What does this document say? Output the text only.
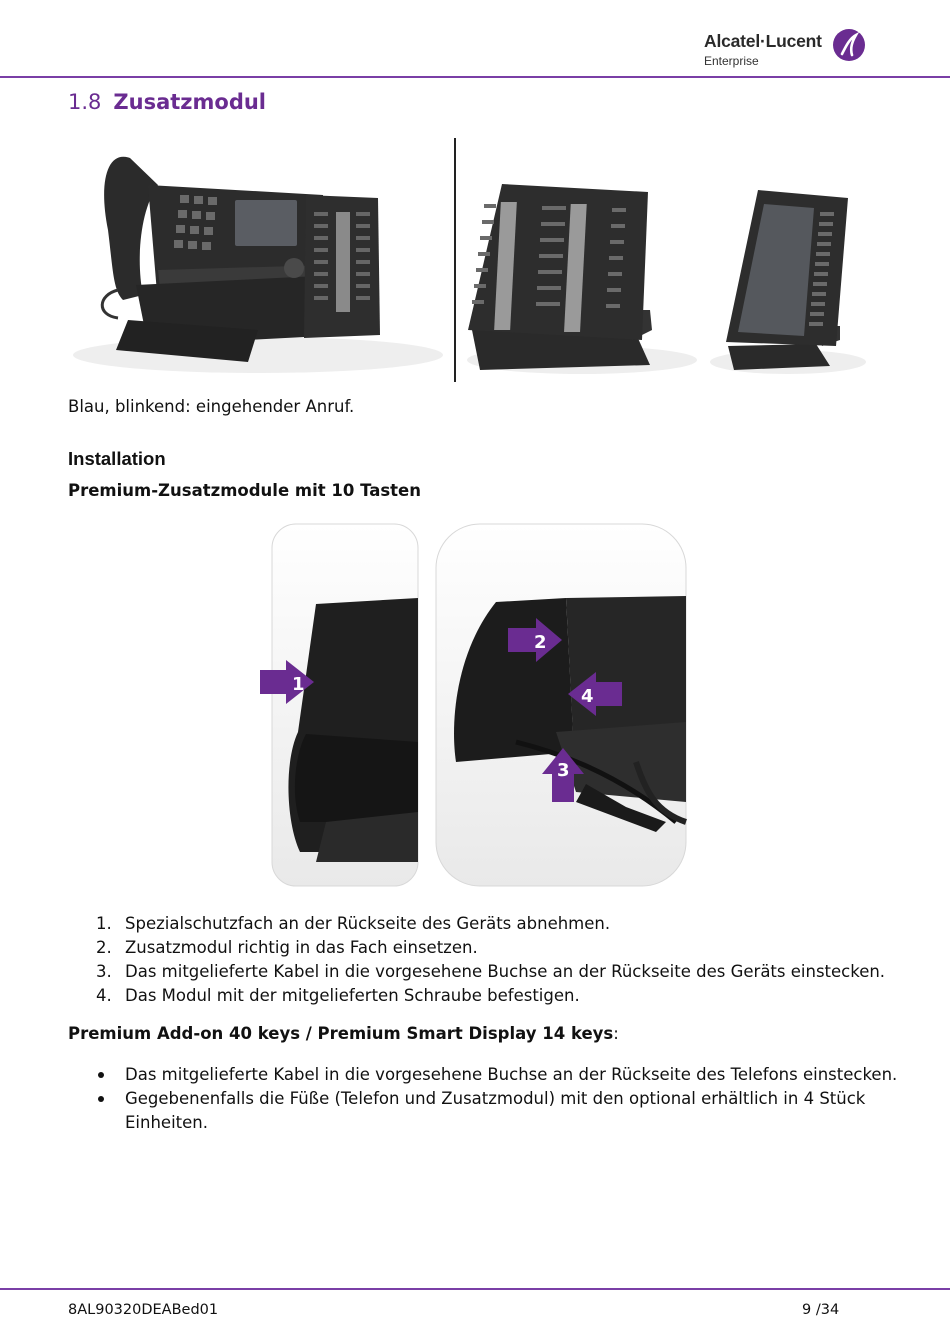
Alcatel·Lucent
Enterprise
1.8 Zusatzmodul
Blau, blinkend: eingehender Anruf.
Installation
Premium-Zusatzmodule mit 10 Tasten
1
2
3
4
1. Spezialschutzfach an der Rückseite des Geräts abnehmen.
2. Zusatzmodul richtig in das Fach einsetzen.
3. Das mitgelieferte Kabel in die vorgesehene Buchse an der Rückseite des Geräts einstecken.
4. Das Modul mit der mitgelieferten Schraube befestigen.
Premium Add-on 40 keys / Premium Smart Display 14 keys:
Das mitgelieferte Kabel in die vorgesehene Buchse an der Rückseite des Telefons einstecken.
Gegebenenfalls die Füße (Telefon und Zusatzmodul) mit den optional erhältlich in 4 Stück
Einheiten.
8AL90320DEABed01	9 /34
